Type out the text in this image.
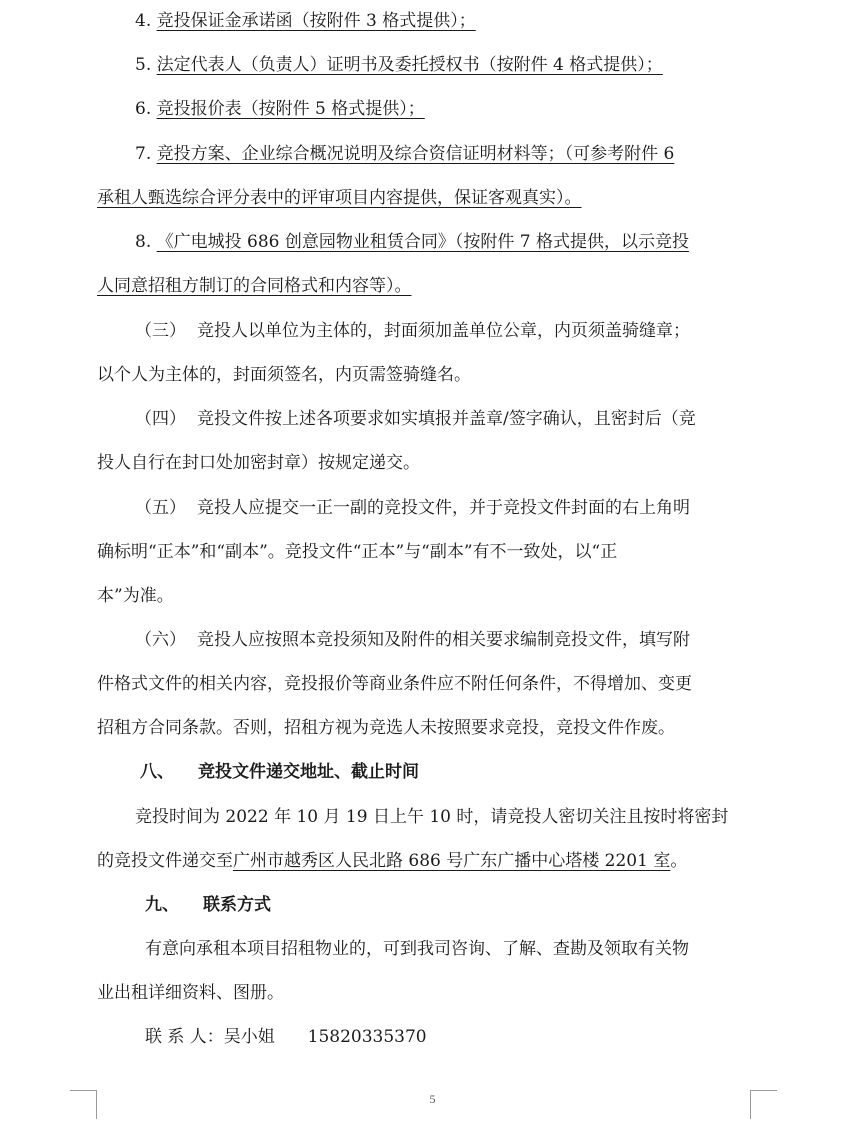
4. 竞投保证金承诺函（按附件 3 格式提供）；
5. 法定代表人（负责人）证明书及委托授权书（按附件 4 格式提供）；
6. 竞投报价表（按附件 5 格式提供）；
7. 竞投方案、企业综合概况说明及综合资信证明材料等；（可参考附件 6
承租人甄选综合评分表中的评审项目内容提供，保证客观真实）。
8. 《广电城投 686 创意园物业租赁合同》（按附件 7 格式提供，以示竞投
人同意招租方制订的合同格式和内容等）。
（三） 竞投人以单位为主体的，封面须加盖单位公章，内页须盖骑缝章；
以个人为主体的，封面须签名，内页需签骑缝名。
（四） 竞投文件按上述各项要求如实填报并盖章/签字确认，且密封后（竞
投人自行在封口处加密封章）按规定递交。
（五） 竞投人应提交一正一副的竞投文件，并于竞投文件封面的右上角明
确标明“正本”和“副本”。竞投文件“正本”与“副本”有不一致处，以“正
本”为准。
（六） 竞投人应按照本竞投须知及附件的相关要求编制竞投文件，填写附
件格式文件的相关内容，竞投报价等商业条件应不附任何条件，不得增加、变更
招租方合同条款。否则，招租方视为竞选人未按照要求竞投，竞投文件作废。
八、 竞投文件递交地址、截止时间
竞投时间为 2022 年 10 月 19 日上午 10 时，请竞投人密切关注且按时将密封
的竞投文件递交至广州市越秀区人民北路 686 号广东广播中心塔楼 2201 室。
九、 联系方式
有意向承租本项目招租物业的，可到我司咨询、了解、查勘及领取有关物
业出租详细资料、图册。
联 系 人：吴小姐 15820335370
5
